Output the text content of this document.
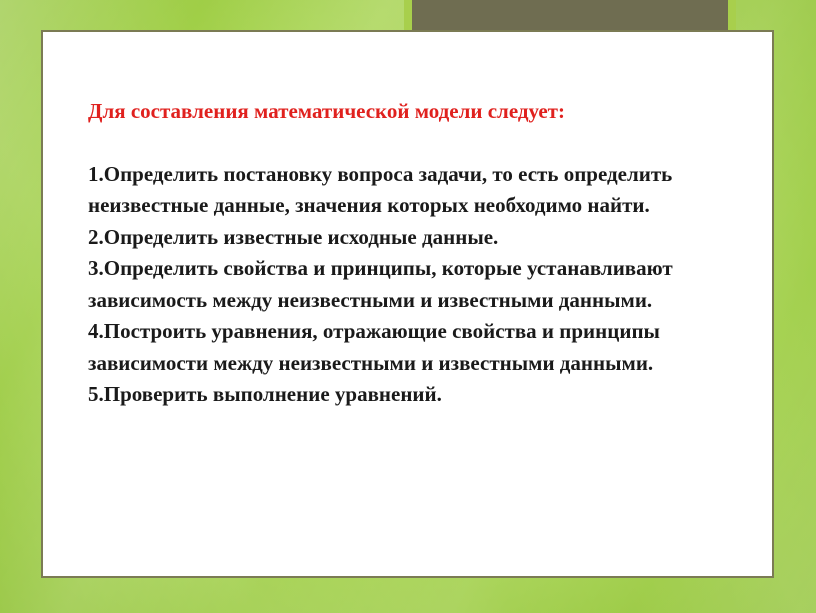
Для составления математической модели следует:

1.Определить постановку вопроса задачи, то есть определить неизвестные данные, значения которых необходимо найти.

2.Определить известные исходные данные.

3.Определить свойства и принципы, которые устанавливают зависимость между неизвестными и известными данными.

4.Построить уравнения, отражающие свойства и принципы зависимости между неизвестными и известными данными.

5.Проверить выполнение уравнений.
